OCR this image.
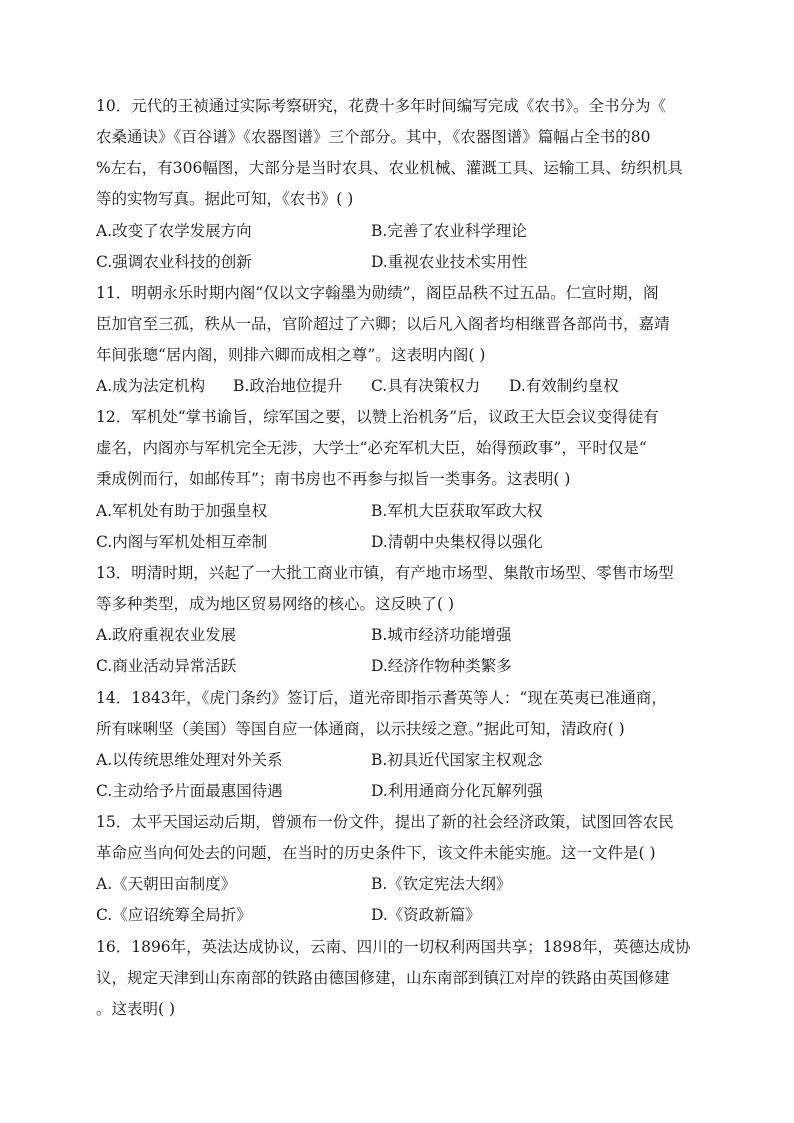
10．元代的王祯通过实际考察研究，花费十多年时间编写完成《农书》。全书分为《
农桑通诀》《百谷谱》《农器图谱》三个部分。其中，《农器图谱》篇幅占全书的80
%左右，有306幅图，大部分是当时农具、农业机械、灌溉工具、运输工具、纺织机具
等的实物写真。据此可知，《农书》( )
A.改变了农学发展方向	B.完善了农业科学理论
C.强调农业科技的创新	D.重视农业技术实用性
11．明朝永乐时期内阁“仅以文字翰墨为勋绩”，阁臣品秩不过五品。仁宣时期，阁
臣加官至三孤，秩从一品，官阶超过了六卿；以后凡入阁者均相继晋各部尚书，嘉靖
年间张璁“居内阁，则排六卿而成相之尊”。这表明内阁( )
A.成为法定机构 B.政治地位提升 C.具有决策权力 D.有效制约皇权
12．军机处“掌书谕旨，综军国之要，以赞上治机务”后，议政王大臣会议变得徒有
虚名，内阁亦与军机完全无涉，大学士“必充军机大臣，始得预政事”，平时仅是“
秉成例而行，如邮传耳”；南书房也不再参与拟旨一类事务。这表明( )
A.军机处有助于加强皇权	B.军机大臣获取军政大权
C.内阁与军机处相互牵制	D.清朝中央集权得以强化
13．明清时期，兴起了一大批工商业市镇，有产地市场型、集散市场型、零售市场型
等多种类型，成为地区贸易网络的核心。这反映了( )
A.政府重视农业发展	B.城市经济功能增强
C.商业活动异常活跃	D.经济作物种类繁多
14．1843年，《虎门条约》签订后，道光帝即指示耆英等人：“现在英夷已准通商，
所有咪唎坚（美国）等国自应一体通商，以示扶绥之意。”据此可知，清政府( )
A.以传统思维处理对外关系	B.初具近代国家主权观念
C.主动给予片面最惠国待遇	D.利用通商分化瓦解列强
15．太平天国运动后期，曾颁布一份文件，提出了新的社会经济政策，试图回答农民
革命应当向何处去的问题，在当时的历史条件下，该文件未能实施。这一文件是( )
A.《天朝田亩制度》	B.《钦定宪法大纲》
C.《应诏统筹全局折》	D.《资政新篇》
16．1896年，英法达成协议，云南、四川的一切权利两国共享；1898年，英德达成协
议，规定天津到山东南部的铁路由德国修建，山东南部到镇江对岸的铁路由英国修建
。这表明( )
